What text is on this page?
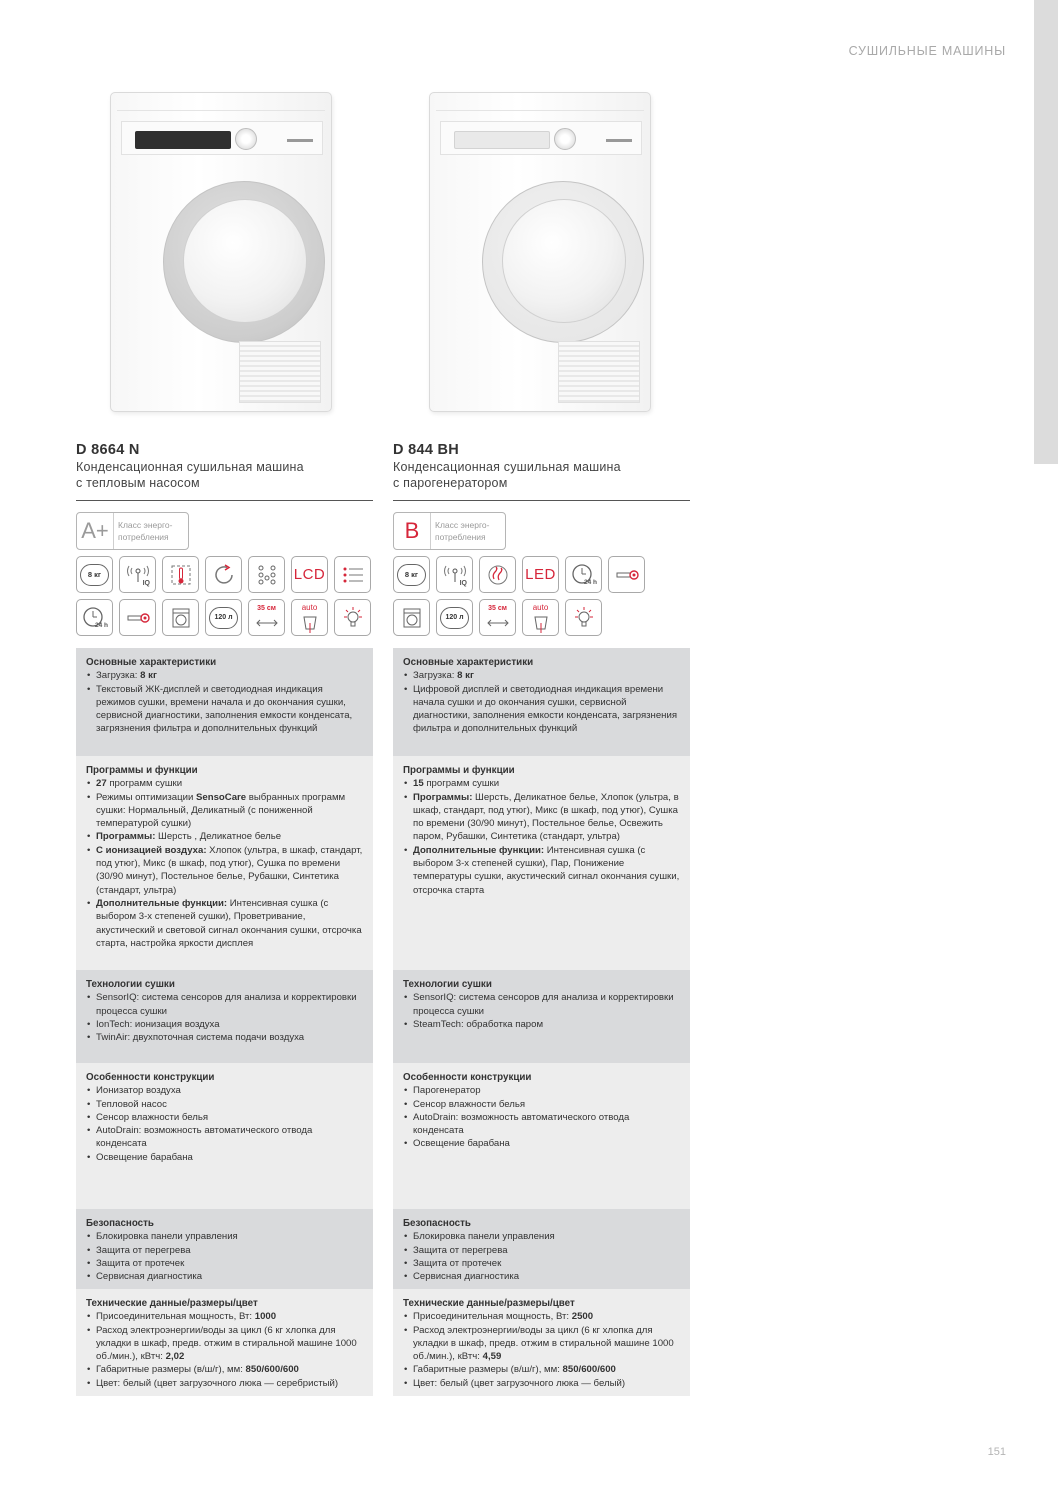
СУШИЛЬНЫЕ МАШИНЫ
D 8664 N
Конденсационная сушильная машина
с тепловым насосом
A+	Класс энерго-
потребления
8 кг
IQ
LCD
24 h
120 л
35 см	auto
Основные характеристики
• Загрузка: 8 кг
• Текстовый ЖК-дисплей и светодиодная индикация режимов сушки, времени начала и до окончания сушки, сервисной диагностики, заполнения емкости конденсата, загрязнения фильтра и дополнительных функций
Программы и функции
• 27 программ сушки
• Режимы оптимизации SensoCare выбранных программ сушки: Нормальный, Деликатный (с пониженной температурой сушки)
• Программы: Шерсть , Деликатное белье
• С ионизацией воздуха: Хлопок (ультра, в шкаф, стандарт, под утюг), Микс (в шкаф, под утюг), Сушка по времени (30/90 минут), Постельное белье, Рубашки, Синтетика (стандарт, ультра)
• Дополнительные функции: Интенсивная сушка (с выбором 3-х степеней сушки), Проветривание, акустический и световой сигнал окончания сушки, отсрочка старта, настройка яркости дисплея
Технологии сушки
• SensorIQ: система сенсоров для анализа и корректировки процесса сушки
• IonTech: ионизация воздуха
• TwinAir: двухпоточная система подачи воздуха
Особенности конструкции
• Ионизатор воздуха
• Тепловой насос
• Сенсор влажности белья
• AutoDrain: возможность автоматического отвода конденсата
• Освещение барабана
Безопасность
• Блокировка панели управления
• Защита от перегрева
• Защита от протечек
• Сервисная диагностика
Технические данные/размеры/цвет
• Присоединительная мощность, Вт: 1000
• Расход электроэнергии/воды за цикл (6 кг хлопка для укладки в шкаф, предв. отжим в стиральной машине 1000 об./мин.), кВтч: 2,02
• Габаритные размеры (в/ш/г), мм: 850/600/600
• Цвет: белый (цвет загрузочного люка — серебристый)
D 844 BH
Конденсационная сушильная машина
с парогенератором
B	Класс энерго-
потребления
8 кг
IQ
LED	24 h
120 л
35 см	auto
Основные характеристики
• Загрузка: 8 кг
• Цифровой дисплей и светодиодная индикация времени начала сушки и до окончания сушки, сервисной диагностики, заполнения емкости конденсата, загрязнения фильтра и дополнительных функций
Программы и функции
• 15 программ сушки
• Программы: Шерсть, Деликатное белье, Хлопок (ультра, в шкаф, стандарт, под утюг), Микс (в шкаф, под утюг), Сушка по времени (30/90 минут), Постельное белье, Освежить паром, Рубашки, Синтетика (стандарт, ультра)
• Дополнительные функции: Интенсивная сушка (с выбором 3-х степеней сушки), Пар, Понижение температуры сушки, акустический сигнал окончания сушки, отсрочка старта
Технологии сушки
• SensorIQ: система сенсоров для анализа и корректировки процесса сушки
• SteamTech: обработка паром
Особенности конструкции
• Парогенератор
• Сенсор влажности белья
• AutoDrain: возможность автоматического отвода конденсата
• Освещение барабана
Безопасность
• Блокировка панели управления
• Защита от перегрева
• Защита от протечек
• Сервисная диагностика
Технические данные/размеры/цвет
• Присоединительная мощность, Вт: 2500
• Расход электроэнергии/воды за цикл (6 кг хлопка для укладки в шкаф, предв. отжим в стиральной машине 1000 об./мин.), кВтч: 4,59
• Габаритные размеры (в/ш/г), мм: 850/600/600
• Цвет: белый (цвет загрузочного люка — белый)
151
